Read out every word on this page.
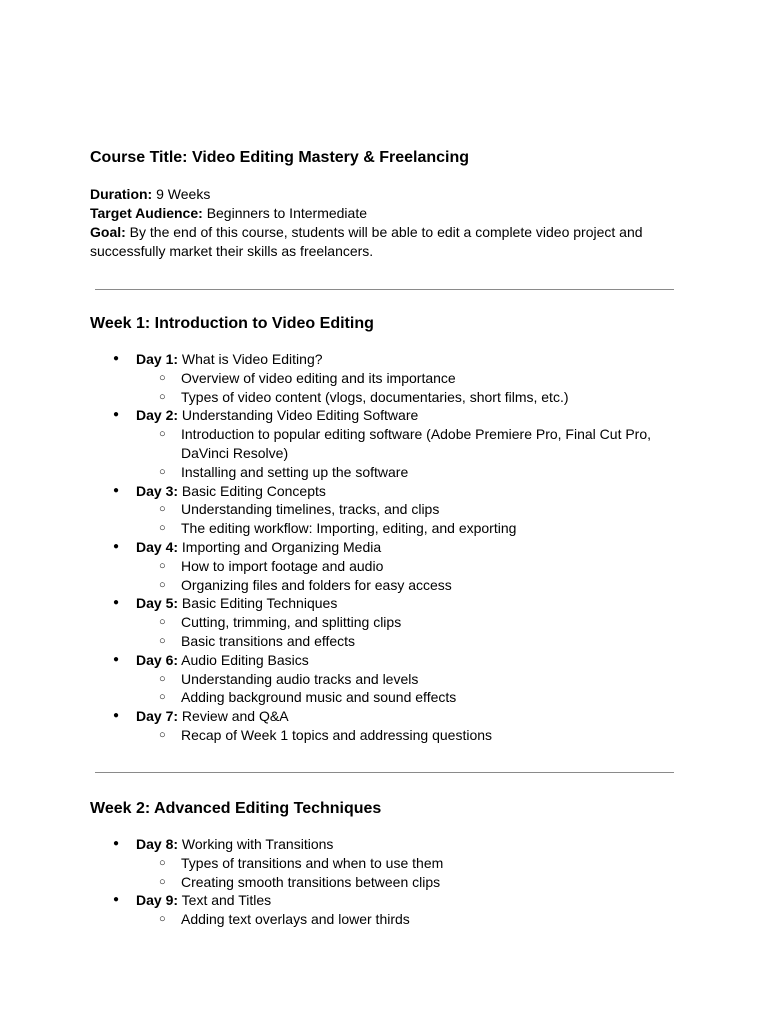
Course Title: Video Editing Mastery & Freelancing

Duration: 9 Weeks

Target Audience: Beginners to Intermediate

Goal: By the end of this course, students will be able to edit a complete video project and successfully market their skills as freelancers.

Week 1: Introduction to Video Editing
● Day 1: What is Video Editing?
○ Overview of video editing and its importance
○ Types of video content (vlogs, documentaries, short films, etc.)
● Day 2: Understanding Video Editing Software
○ Introduction to popular editing software (Adobe Premiere Pro, Final Cut Pro, DaVinci Resolve)
○ Installing and setting up the software
● Day 3: Basic Editing Concepts
○ Understanding timelines, tracks, and clips
○ The editing workflow: Importing, editing, and exporting
● Day 4: Importing and Organizing Media
○ How to import footage and audio
○ Organizing files and folders for easy access
● Day 5: Basic Editing Techniques
○ Cutting, trimming, and splitting clips
○ Basic transitions and effects
● Day 6: Audio Editing Basics
○ Understanding audio tracks and levels
○ Adding background music and sound effects
● Day 7: Review and Q&A
○ Recap of Week 1 topics and addressing questions
Week 2: Advanced Editing Techniques
● Day 8: Working with Transitions
○ Types of transitions and when to use them
○ Creating smooth transitions between clips
● Day 9: Text and Titles
○ Adding text overlays and lower thirds
